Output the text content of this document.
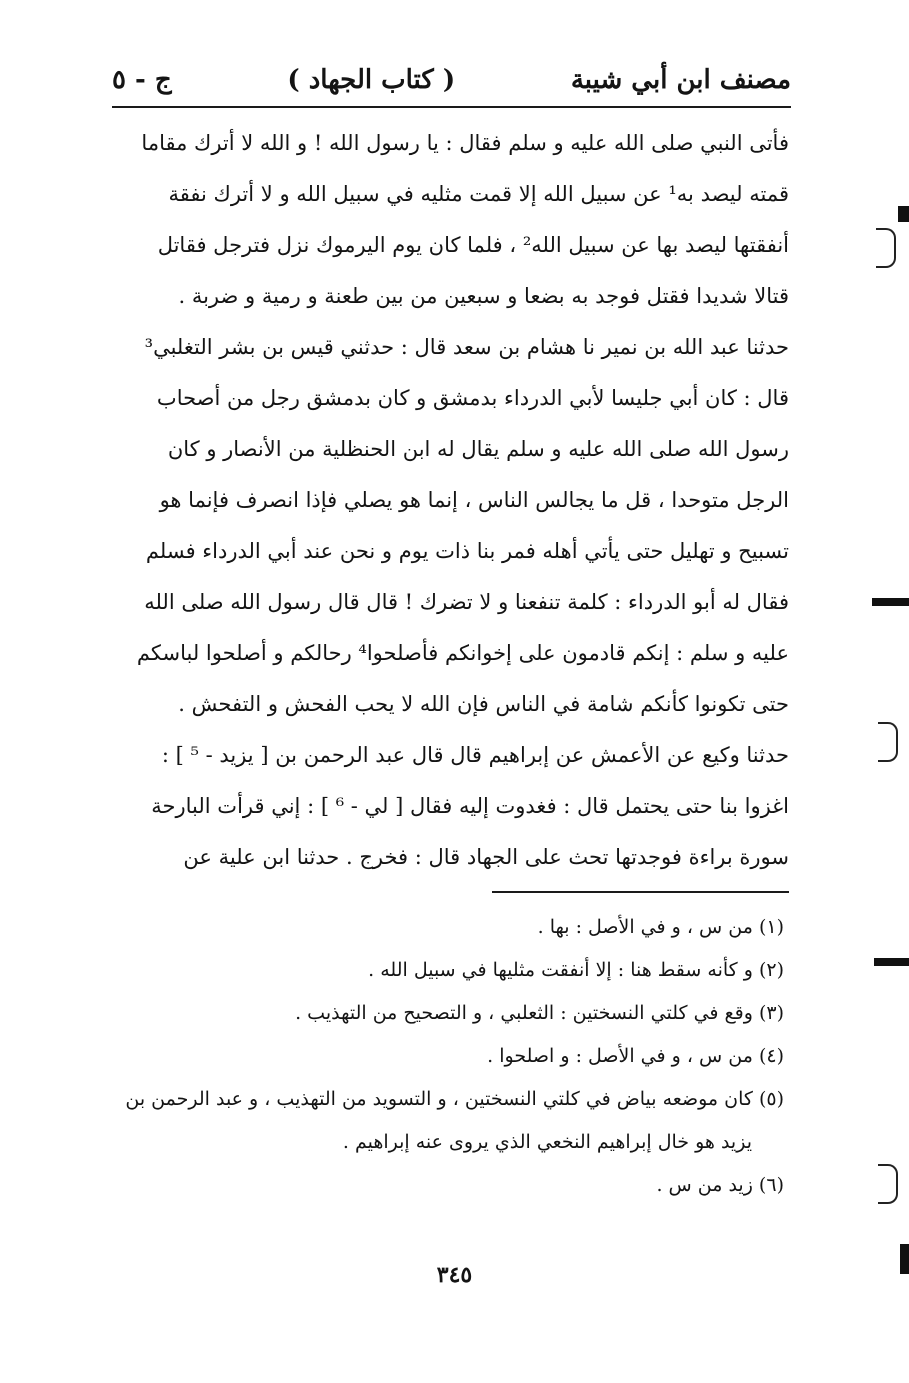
مصنف ابن أبي شيبة
( كتاب الجهاد )
ج - ٥
فأتى النبي صلى الله عليه و سلم فقال : يا رسول الله ! و الله لا أترك مقاما
قمته ليصد به¹ عن سبيل الله إلا قمت مثليه في سبيل الله و لا أترك نفقة
أنفقتها ليصد بها عن سبيل الله² ، فلما كان يوم اليرموك نزل فترجل فقاتل
قتالا شديدا فقتل فوجد به بضعا و سبعين من بين طعنة و رمية و ضربة .
حدثنا عبد الله بن نمير نا هشام بن سعد قال : حدثني قيس بن بشر التغلبي³
قال : كان أبي جليسا لأبي الدرداء بدمشق و كان بدمشق رجل من أصحاب
رسول الله صلى الله عليه و سلم يقال له ابن الحنظلية من الأنصار و كان
الرجل متوحدا ، قل ما يجالس الناس ، إنما هو يصلي فإذا انصرف فإنما هو
تسبيح و تهليل حتى يأتي أهله فمر بنا ذات يوم و نحن عند أبي الدرداء فسلم
فقال له أبو الدرداء : كلمة تنفعنا و لا تضرك ! قال قال رسول الله صلى الله
عليه و سلم : إنكم قادمون على إخوانكم فأصلحوا⁴ رحالكم و أصلحوا لباسكم
حتى تكونوا كأنكم شامة في الناس فإن الله لا يحب الفحش و التفحش .
حدثنا وكيع عن الأعمش عن إبراهيم قال قال عبد الرحمن بن [ يزيد - ⁵ ] :
اغزوا بنا حتى يحتمل قال : فغدوت إليه فقال [ لي - ⁶ ] : إني قرأت البارحة
سورة براءة فوجدتها تحث على الجهاد قال : فخرج . حدثنا ابن علية عن
(١) من س ، و في الأصل : بها .
(٢) و كأنه سقط هنا : إلا أنفقت مثليها في سبيل الله .
(٣) وقع في كلتي النسختين : الثعلبي ، و التصحيح من التهذيب .
(٤) من س ، و في الأصل : و اصلحوا .
(٥) كان موضعه بياض في كلتي النسختين ، و التسويد من التهذيب ، و عبد الرحمن بن
يزيد هو خال إبراهيم النخعي الذي يروى عنه إبراهيم .
(٦) زيد من س .
٣٤٥
